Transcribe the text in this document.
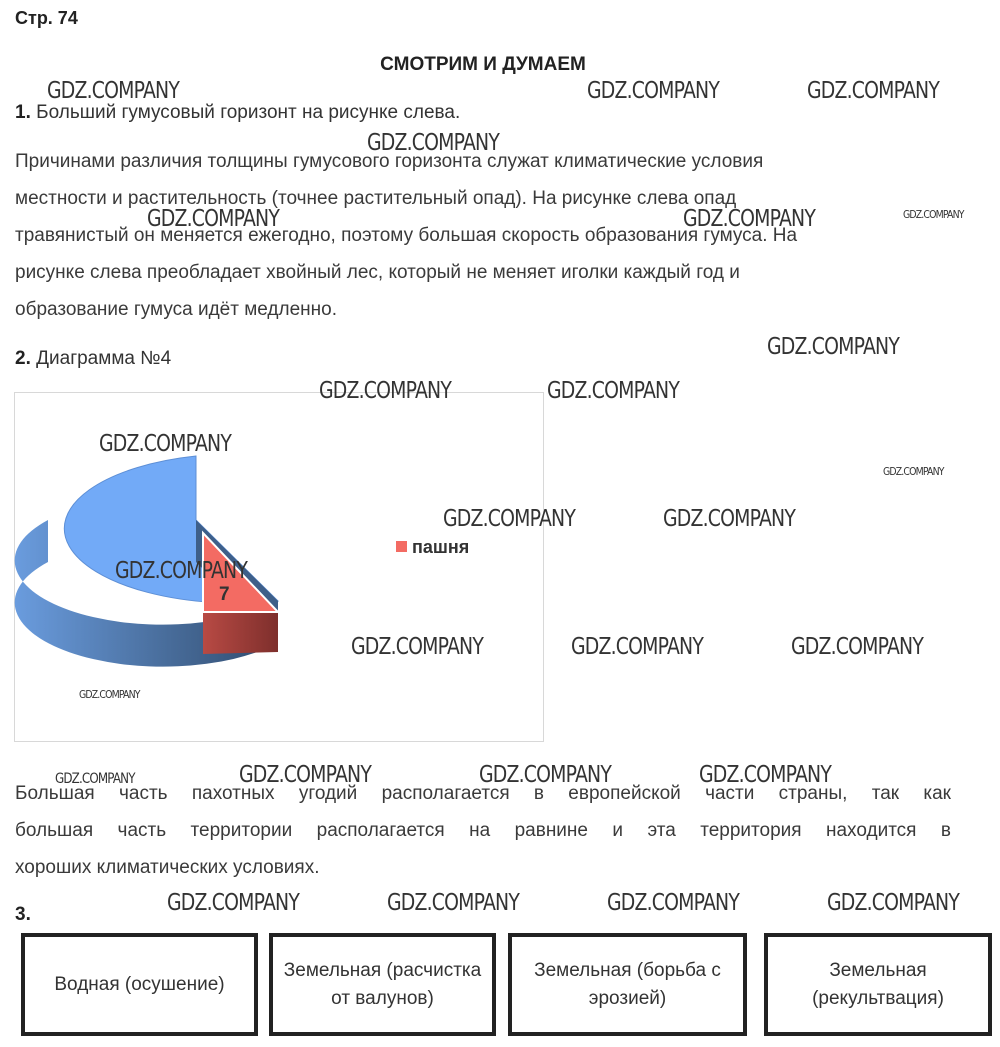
Стр. 74
СМОТРИМ И ДУМАЕМ
1. Больший гумусовый горизонт на рисунке слева.
Причинами различия толщины гумусового горизонта служат климатические условия
местности и растительность (точнее растительный опад). На рисунке слева опад
травянистый он меняется ежегодно, поэтому большая скорость образования гумуса. На
рисунке слева преобладает хвойный лес, который не меняет иголки каждый год и
образование гумуса идёт медленно.
2. Диаграмма №4
7
пашня
Большая часть пахотных угодий располагается в европейской части страны, так как
большая часть территории располагается на равнине и эта территория находится в
хороших климатических условиях.
3.
Водная (осушение)
Земельная (расчистка от валунов)
Земельная (борьба с эрозией)
Земельная (рекультвация)
GDZ.COMPANY	GDZ.COMPANY	GDZ.COMPANY
GDZ.COMPANY
GDZ.COMPANY	GDZ.COMPANY	GDZ.COMPANY
GDZ.COMPANY
GDZ.COMPANY	GDZ.COMPANY
GDZ.COMPANY
GDZ.COMPANY
GDZ.COMPANY	GDZ.COMPANY
GDZ.COMPANY
GDZ.COMPANY	GDZ.COMPANY	GDZ.COMPANY
GDZ.COMPANY
GDZ.COMPANY	GDZ.COMPANY	GDZ.COMPANY	GDZ.COMPANY
GDZ.COMPANY	GDZ.COMPANY	GDZ.COMPANY	GDZ.COMPANY
